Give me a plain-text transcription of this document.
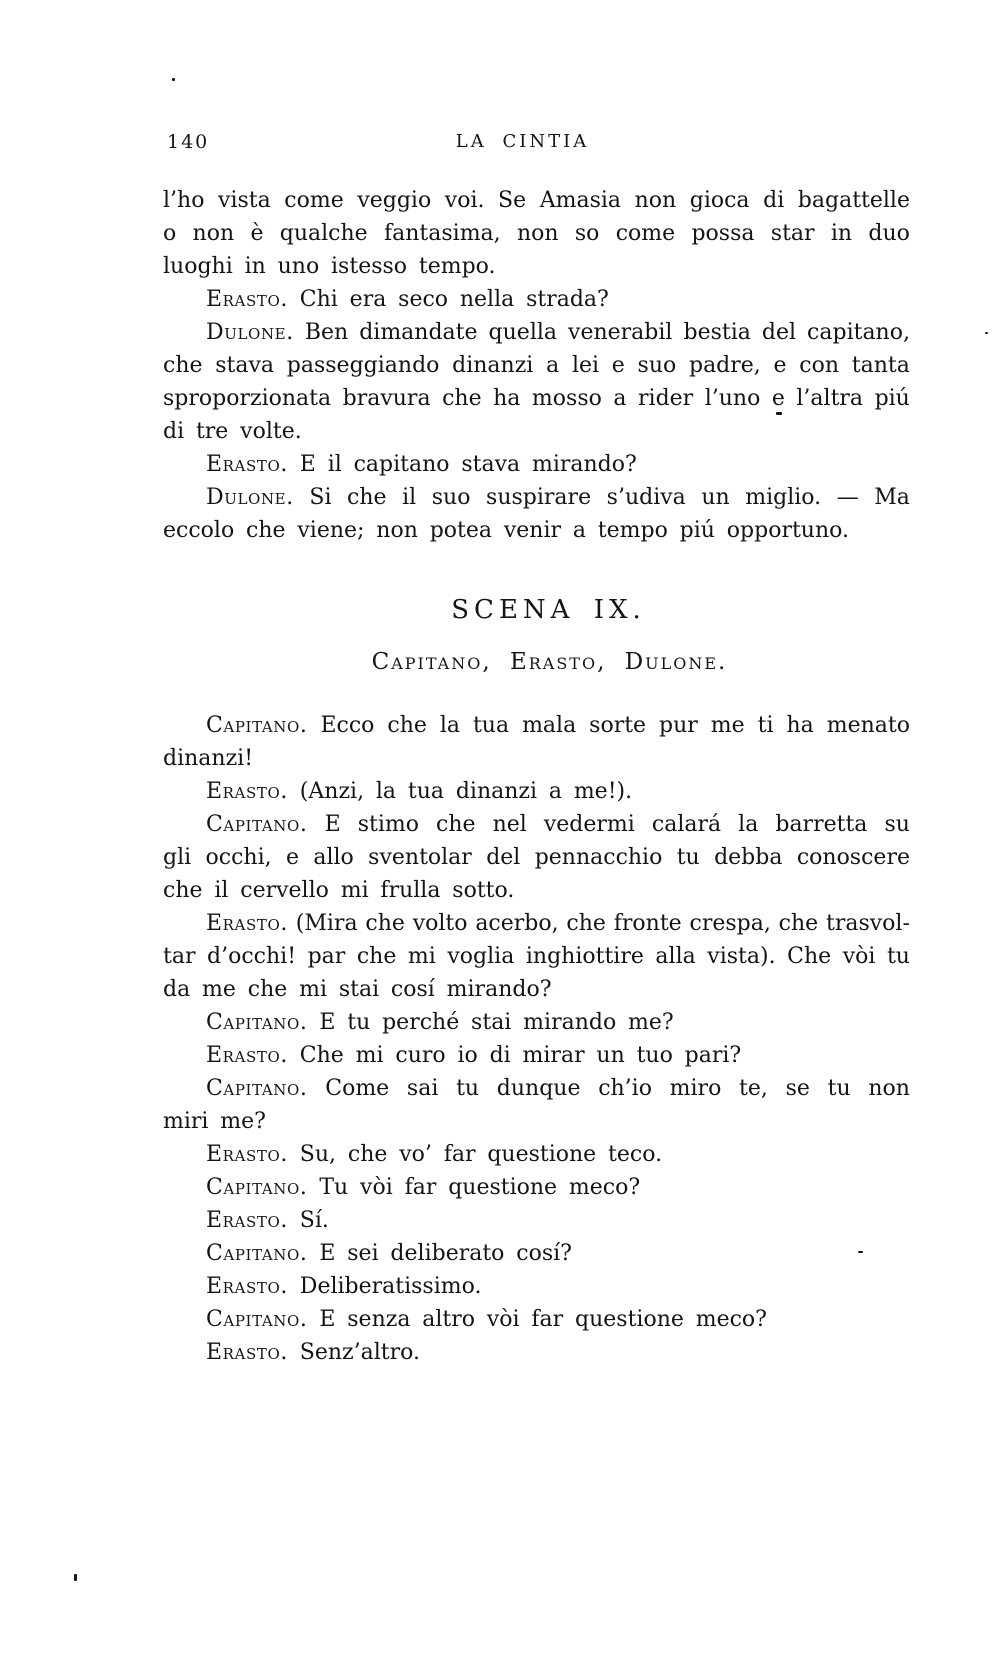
140	LA CINTIA
l’ho vista come veggio voi. Se Amasia non gioca di bagattelle
o non è qualche fantasima, non so come possa star in duo
luoghi in uno istesso tempo.
Erasto. Chi era seco nella strada?
Dulone. Ben dimandate quella venerabil bestia del capitano,
che stava passeggiando dinanzi a lei e suo padre, e con tanta
sproporzionata bravura che ha mosso a rider l’uno e l’altra piú
di tre volte.
Erasto. E il capitano stava mirando?
Dulone. Si che il suo suspirare s’udiva un miglio. — Ma
eccolo che viene; non potea venir a tempo piú opportuno.
SCENA IX.
Capitano, Erasto, Dulone.
Capitano. Ecco che la tua mala sorte pur me ti ha menato
dinanzi!
Erasto. (Anzi, la tua dinanzi a me!).
Capitano. E stimo che nel vedermi calará la barretta su
gli occhi, e allo sventolar del pennacchio tu debba conoscere
che il cervello mi frulla sotto.
Erasto. (Mira che volto acerbo, che fronte crespa, che trasvol-
tar d’occhi! par che mi voglia inghiottire alla vista). Che vòi tu
da me che mi stai cosí mirando?
Capitano. E tu perché stai mirando me?
Erasto. Che mi curo io di mirar un tuo pari?
Capitano. Come sai tu dunque ch’io miro te, se tu non
miri me?
Erasto. Su, che vo’ far questione teco.
Capitano. Tu vòi far questione meco?
Erasto. Sí.
Capitano. E sei deliberato cosí?
Erasto. Deliberatissimo.
Capitano. E senza altro vòi far questione meco?
Erasto. Senz’altro.
